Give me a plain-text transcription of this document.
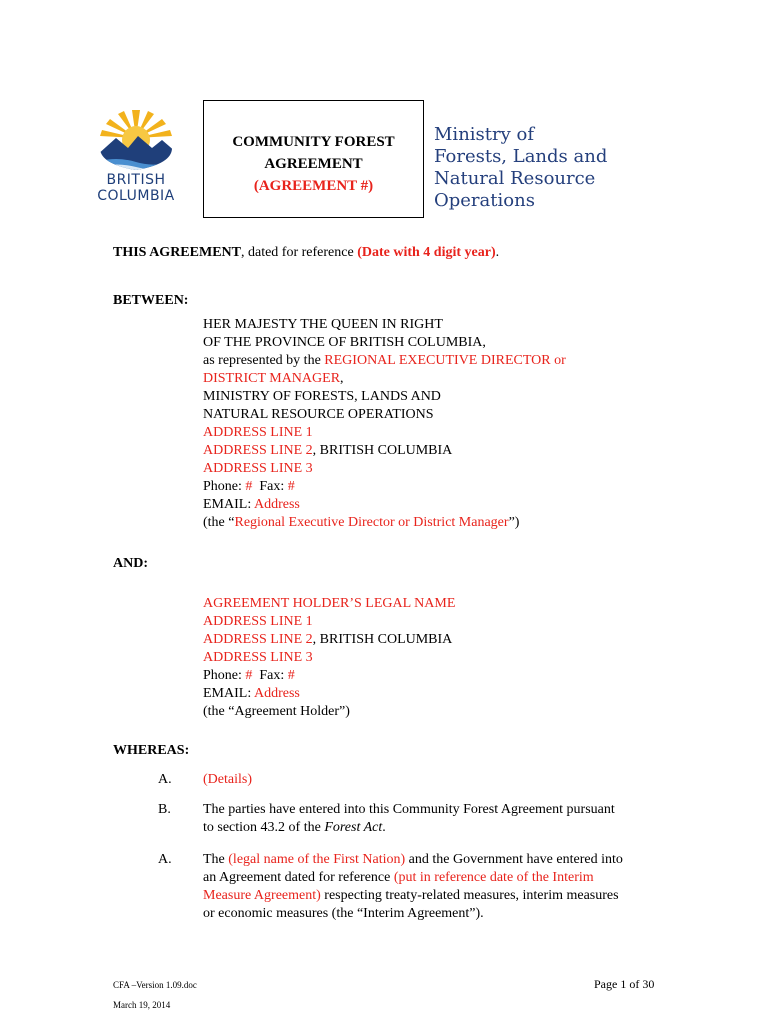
BRITISH
COLUMBIA
COMMUNITY FOREST
AGREEMENT
(AGREEMENT #)
Ministry of
Forests, Lands and
Natural Resource Operations
THIS AGREEMENT, dated for reference (Date with 4 digit year).
BETWEEN:
HER MAJESTY THE QUEEN IN RIGHT
OF THE PROVINCE OF BRITISH COLUMBIA,
as represented by the REGIONAL EXECUTIVE DIRECTOR or
DISTRICT MANAGER,
MINISTRY OF FORESTS, LANDS AND
NATURAL RESOURCE OPERATIONS
ADDRESS LINE 1
ADDRESS LINE 2, BRITISH COLUMBIA
ADDRESS LINE 3
Phone: #  Fax: #
EMAIL: Address
(the “Regional Executive Director or District Manager”)
AND:
AGREEMENT HOLDER’S LEGAL NAME
ADDRESS LINE 1
ADDRESS LINE 2, BRITISH COLUMBIA
ADDRESS LINE 3
Phone: #  Fax: #
EMAIL: Address
(the “Agreement Holder”)
WHEREAS:
A. (Details)
B. The parties have entered into this Community Forest Agreement pursuant
to section 43.2 of the Forest Act.
A. The (legal name of the First Nation) and the Government have entered into
an Agreement dated for reference (put in reference date of the Interim
Measure Agreement) respecting treaty-related measures, interim measures
or economic measures (the “Interim Agreement”).
CFA –Version 1.09.doc
March 19, 2014
Page 1 of 30
